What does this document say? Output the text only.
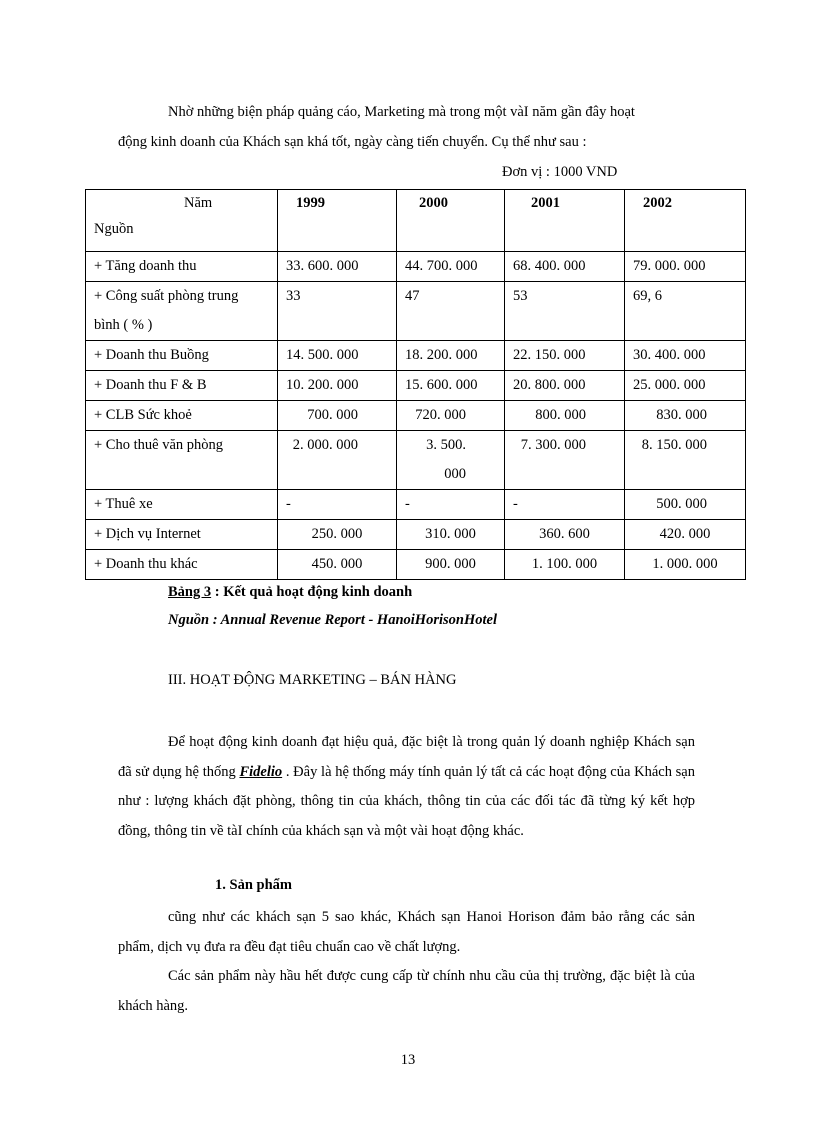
Nhờ những biện pháp quảng cáo, Marketing mà trong một vàI năm gần đây hoạt
động kinh doanh của Khách sạn khá tốt, ngày càng tiến chuyển. Cụ thể như sau :

Đơn vị : 1000 VND
Năm
Nguồn	1999	2000	2001	2002
+ Tăng doanh thu	33. 600. 000	44. 700. 000	68. 400. 000	79. 000. 000

+ Công suất phòng trung
bình ( % )	33	47	53	69, 6
+ Doanh thu Buồng	14. 500. 000	18. 200. 000	22. 150. 000	30. 400. 000
+ Doanh thu F & B	10. 200. 000	15. 600. 000	20. 800. 000	25. 000. 000
+ CLB Sức khoẻ	700. 000	720. 000	800. 000	830. 000
+ Cho thuê văn phòng	2. 000. 000	3. 500. 000	7. 300. 000	8. 150. 000
+ Thuê xe	-	-	-	500. 000
+ Dịch vụ Internet	250. 000	310. 000	360. 600	420. 000
+ Doanh thu khác	450. 000	900. 000	1. 100. 000	1. 000. 000
Bảng 3 : Kết quả hoạt động kinh doanh
Nguồn : Annual Revenue Report - HanoiHorisonHotel
III. HOẠT ĐỘNG MARKETING – BÁN HÀNG

Để hoạt động kinh doanh đạt hiệu quả, đặc biệt là trong quản lý doanh nghiệp Khách sạn đã sử dụng hệ thống Fidelio . Đây là hệ thống máy tính quản lý tất cả các hoạt động của Khách sạn như : lượng khách đặt phòng, thông tin của khách, thông tin của các đối tác đã từng ký kết hợp đồng, thông tin về tàI chính của khách sạn và một vài hoạt động khác.

1. Sản phẩm

cũng như các khách sạn 5 sao khác, Khách sạn Hanoi Horison đảm bảo rằng các sản phẩm, dịch vụ đưa ra đều đạt tiêu chuẩn cao về chất lượng.

Các sản phẩm này hầu hết được cung cấp từ chính nhu cầu của thị trường, đặc biệt là của khách hàng.

13
